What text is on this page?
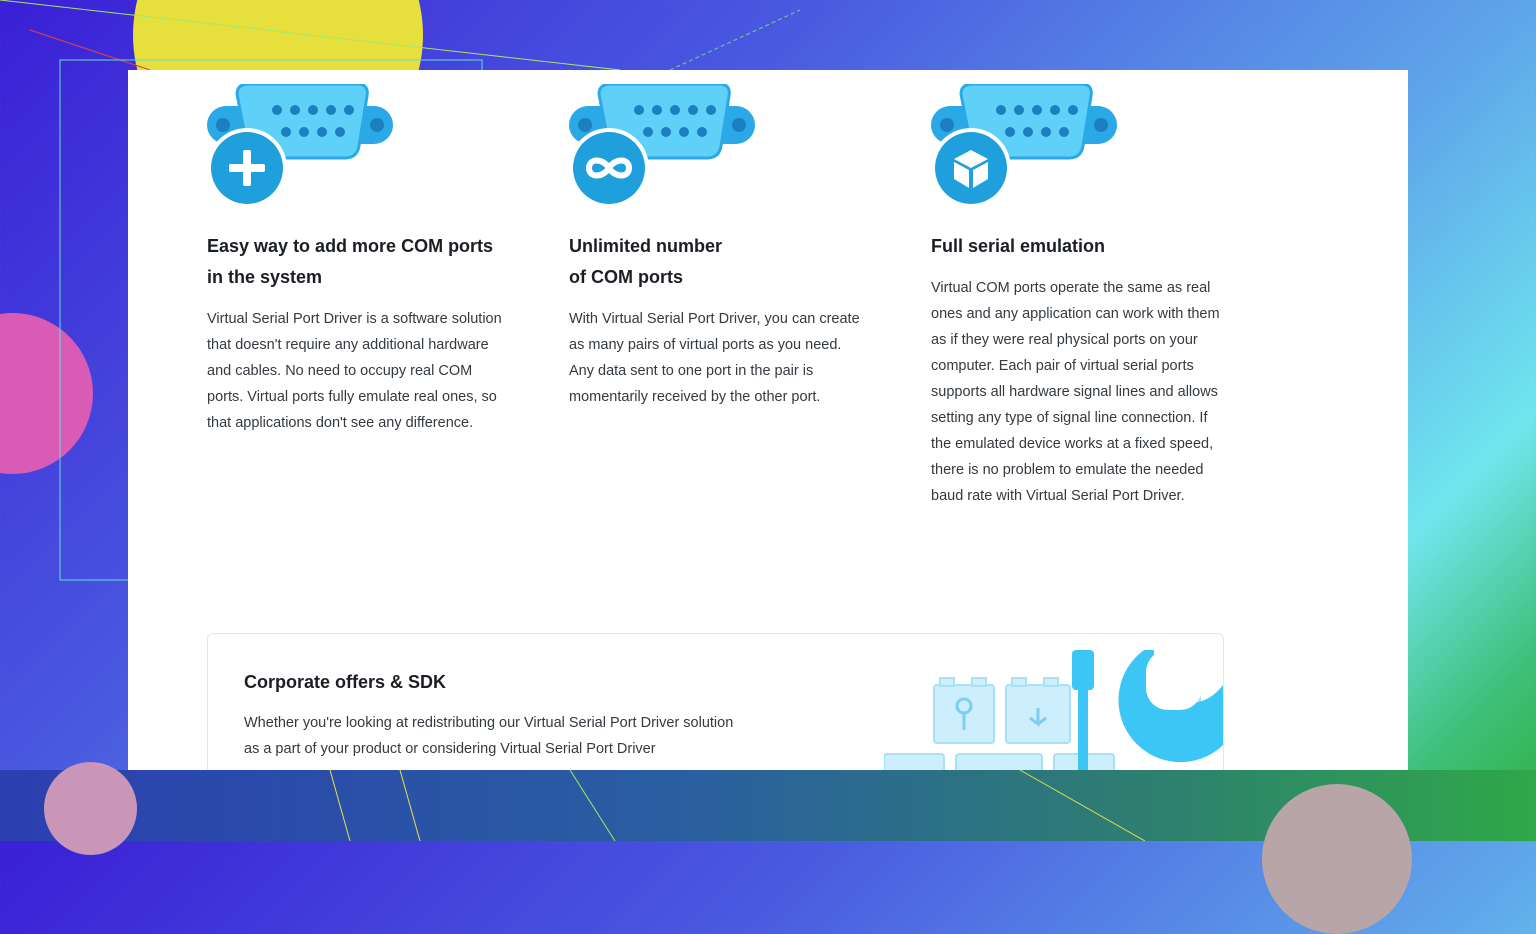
Easy way to add more COM ports
in the system

Virtual Serial Port Driver is a software solution that doesn't require any additional hardware and cables. No need to occupy real COM ports. Virtual ports fully emulate real ones, so that applications don't see any difference.

Unlimited number
of COM ports

With Virtual Serial Port Driver, you can create as many pairs of virtual ports as you need. Any data sent to one port in the pair is momentarily received by the other port.

Full serial emulation

Virtual COM ports operate the same as real ones and any application can work with them as if they were real physical ports on your computer. Each pair of virtual serial ports supports all hardware signal lines and allows setting any type of signal line connection. If the emulated device works at a fixed speed, there is no problem to emulate the needed baud rate with Virtual Serial Port Driver.

Corporate offers & SDK

Whether you're looking at redistributing our Virtual Serial Port Driver solution as a part of your product or considering Virtual Serial Port Driver
